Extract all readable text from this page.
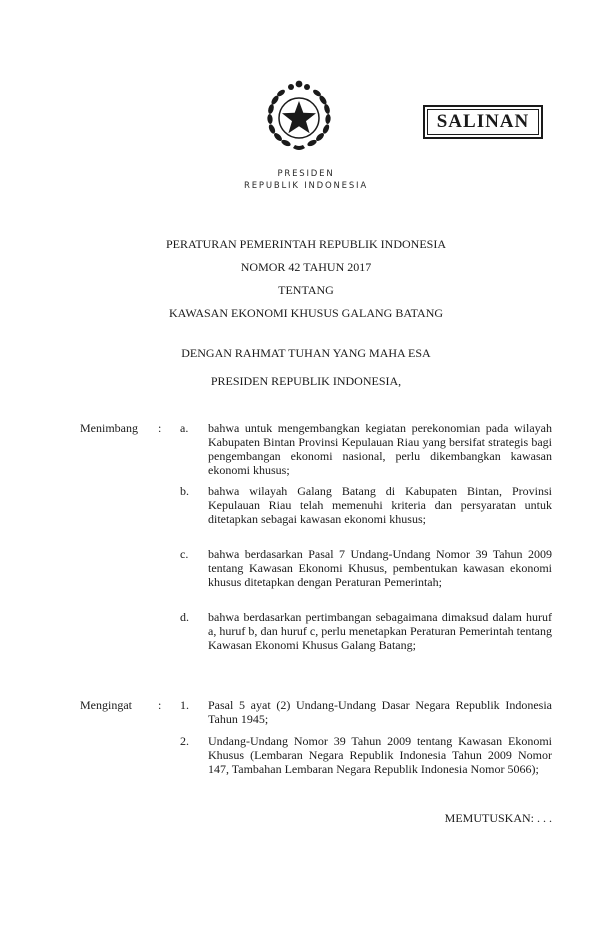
SALINAN
PRESIDEN
REPUBLIK INDONESIA
PERATURAN PEMERINTAH REPUBLIK INDONESIA
NOMOR 42 TAHUN 2017
TENTANG
KAWASAN EKONOMI KHUSUS GALANG BATANG
DENGAN RAHMAT TUHAN YANG MAHA ESA
PRESIDEN REPUBLIK INDONESIA,
Menimbang : a. bahwa untuk mengembangkan kegiatan perekonomian pada wilayah Kabupaten Bintan Provinsi Kepulauan Riau yang bersifat strategis bagi pengembangan ekonomi nasional, perlu dikembangkan kawasan ekonomi khusus;
b. bahwa wilayah Galang Batang di Kabupaten Bintan, Provinsi Kepulauan Riau telah memenuhi kriteria dan persyaratan untuk ditetapkan sebagai kawasan ekonomi khusus;
c. bahwa berdasarkan Pasal 7 Undang-Undang Nomor 39 Tahun 2009 tentang Kawasan Ekonomi Khusus, pembentukan kawasan ekonomi khusus ditetapkan dengan Peraturan Pemerintah;
d. bahwa berdasarkan pertimbangan sebagaimana dimaksud dalam huruf a, huruf b, dan huruf c, perlu menetapkan Peraturan Pemerintah tentang Kawasan Ekonomi Khusus Galang Batang;
Mengingat : 1. Pasal 5 ayat (2) Undang-Undang Dasar Negara Republik Indonesia Tahun 1945;
2. Undang-Undang Nomor 39 Tahun 2009 tentang Kawasan Ekonomi Khusus (Lembaran Negara Republik Indonesia Tahun 2009 Nomor 147, Tambahan Lembaran Negara Republik Indonesia Nomor 5066);
MEMUTUSKAN: . . .
